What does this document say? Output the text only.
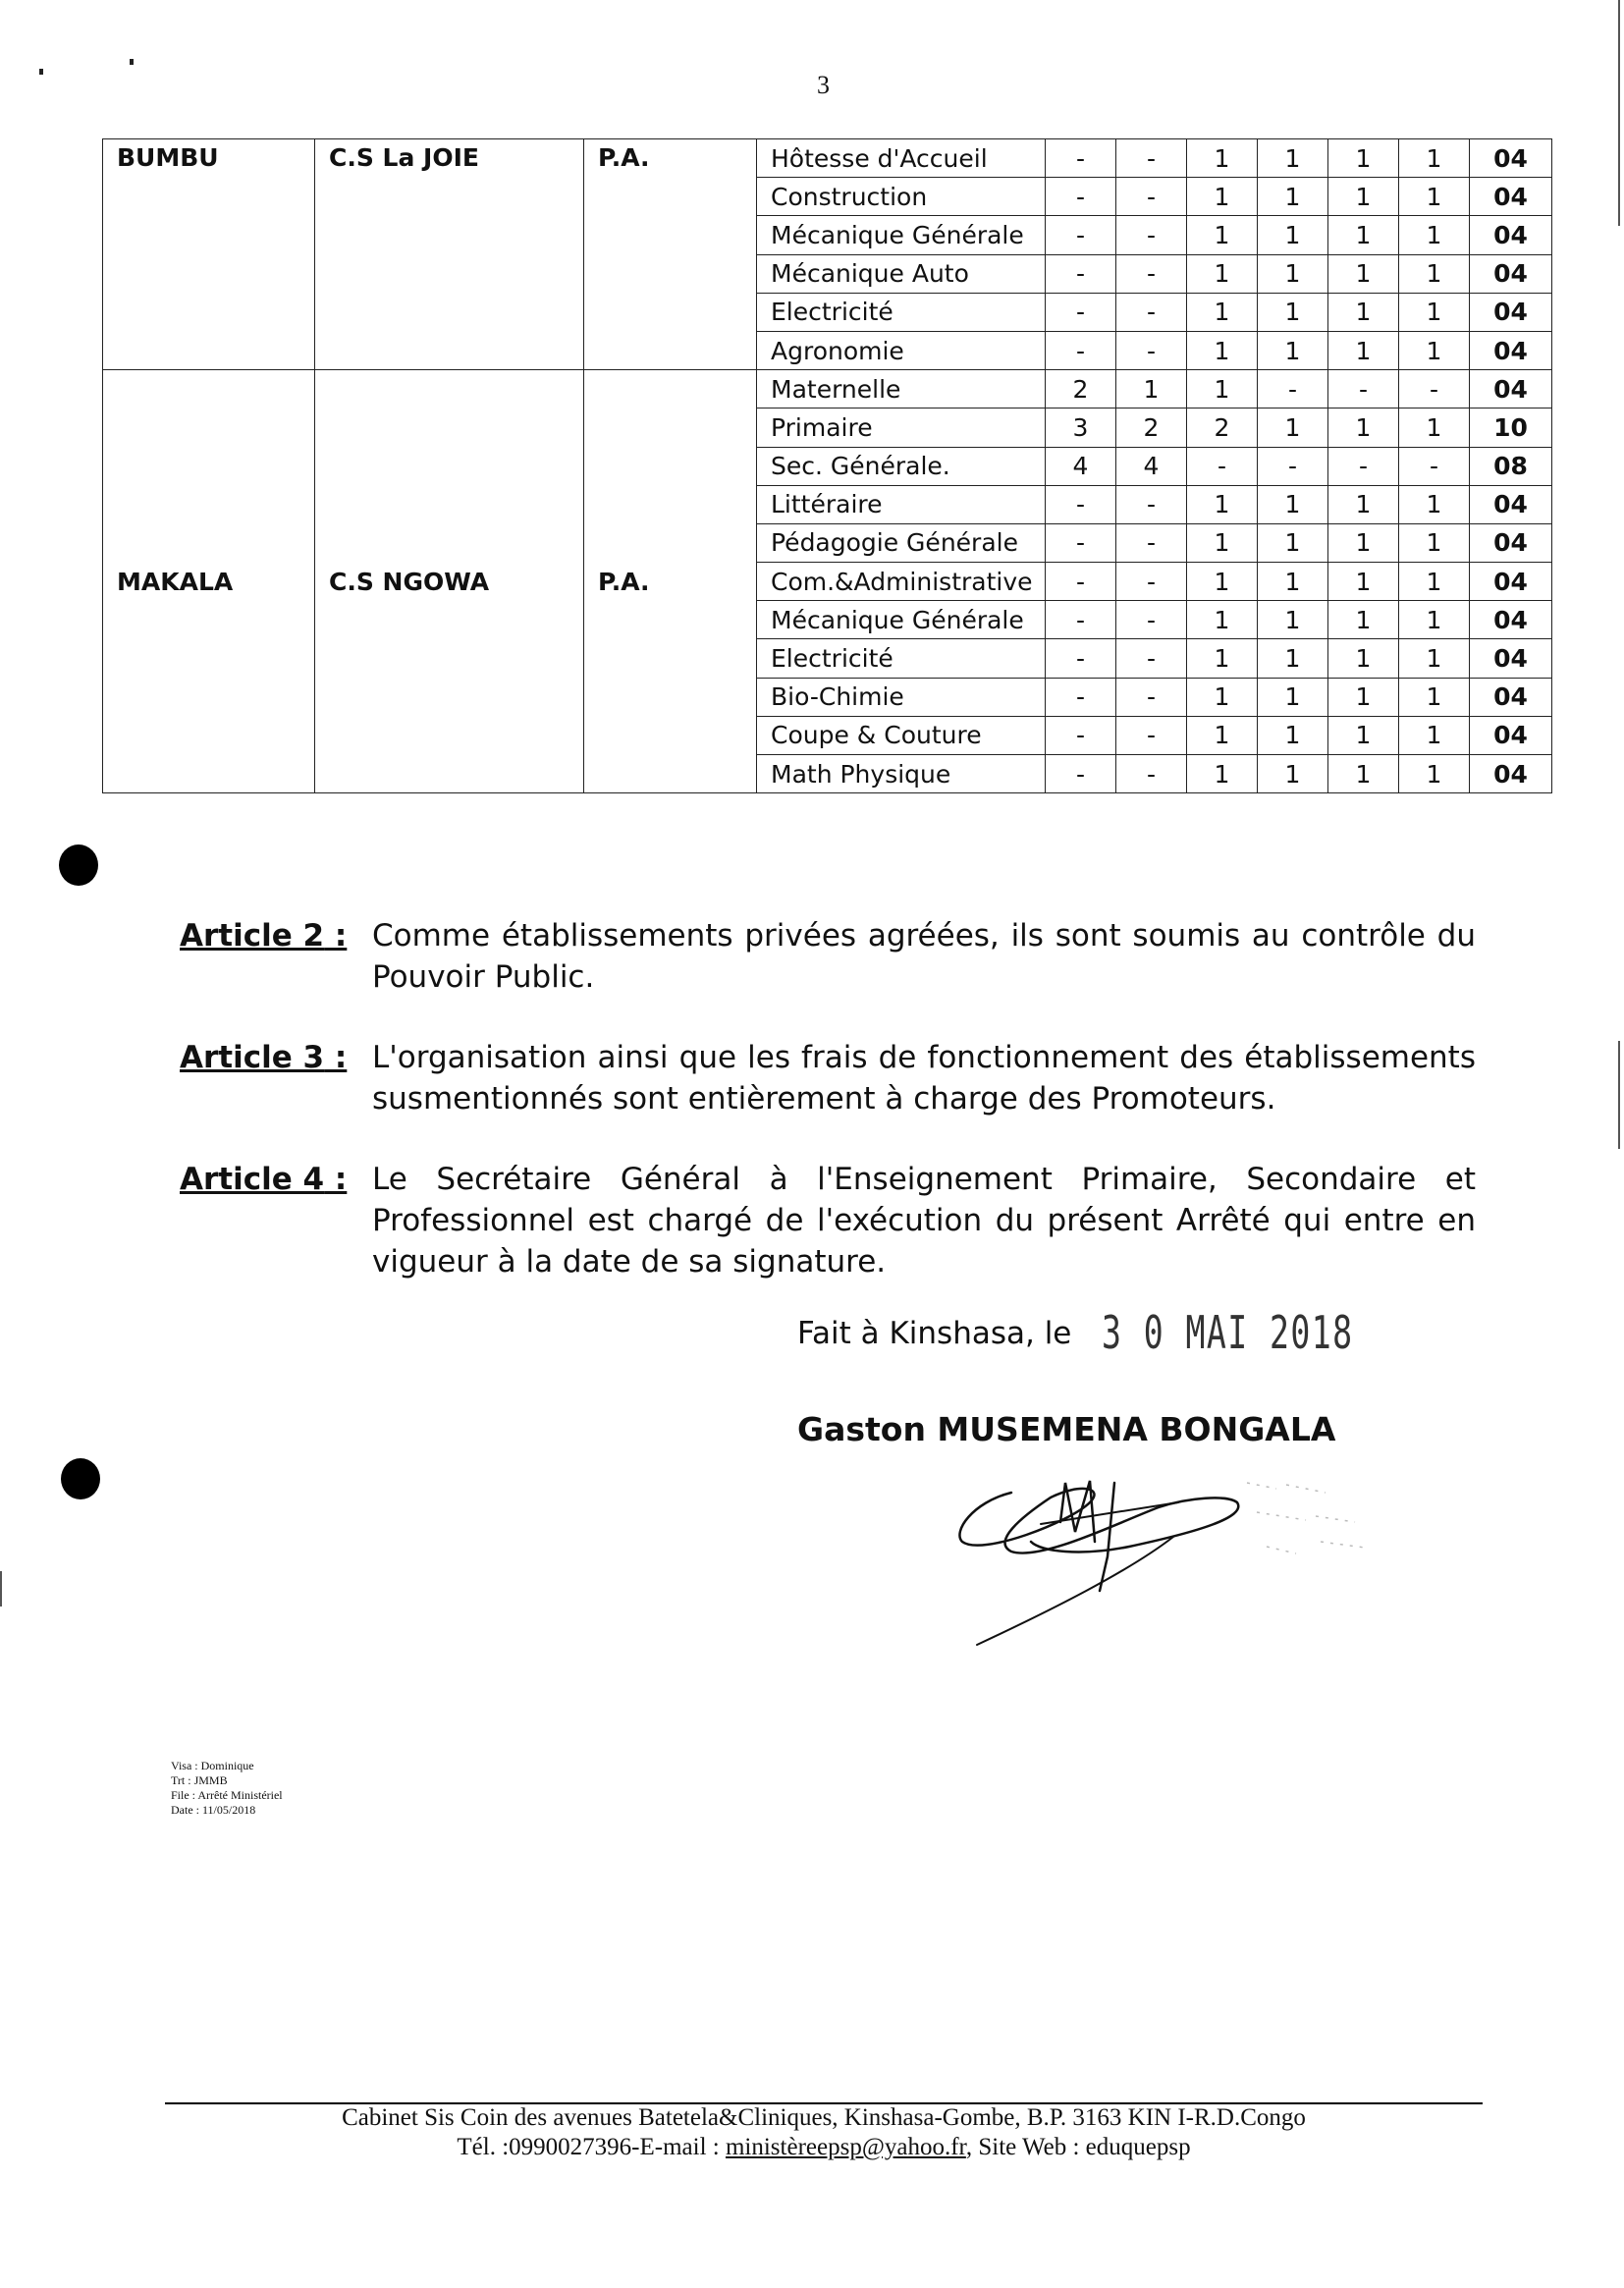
3
BUMBU	C.S La JOIE	P.A.	Hôtesse d'Accueil	-	-	1	1	1	1	04
			Construction	-	-	1	1	1	1	04
			Mécanique Générale	-	-	1	1	1	1	04
			Mécanique Auto	-	-	1	1	1	1	04
			Electricité	-	-	1	1	1	1	04
			Agronomie	-	-	1	1	1	1	04
MAKALA	C.S NGOWA	P.A.	Maternelle	2	1	1	-	-	-	04
			Primaire	3	2	2	1	1	1	10
			Sec. Générale.	4	4	-	-	-	-	08
			Littéraire	-	-	1	1	1	1	04
			Pédagogie Générale	-	-	1	1	1	1	04
			Com.&Administrative	-	-	1	1	1	1	04
			Mécanique Générale	-	-	1	1	1	1	04
			Electricité	-	-	1	1	1	1	04
			Bio-Chimie	-	-	1	1	1	1	04
			Coupe & Couture	-	-	1	1	1	1	04
			Math Physique	-	-	1	1	1	1	04
Article 2 : Comme établissements privées agréées, ils sont soumis au contrôle du Pouvoir Public.
Article 3 : L'organisation ainsi que les frais de fonctionnement des établissements susmentionnés sont entièrement à charge des Promoteurs.
Article 4 : Le Secrétaire Général à l'Enseignement Primaire, Secondaire et Professionnel est chargé de l'exécution du présent Arrêté qui entre en vigueur à la date de sa signature.
Fait à Kinshasa, le 3 0 MAI 2018
Gaston MUSEMENA BONGALA
Visa : Dominique
Trt : JMMB
File : Arrêté Ministériel
Date : 11/05/2018
Cabinet Sis Coin des avenues Batetela&Cliniques, Kinshasa-Gombe, B.P. 3163 KIN I-R.D.Congo
Tél. :0990027396-E-mail : ministèreepsp@yahoo.fr, Site Web : eduquepsp
